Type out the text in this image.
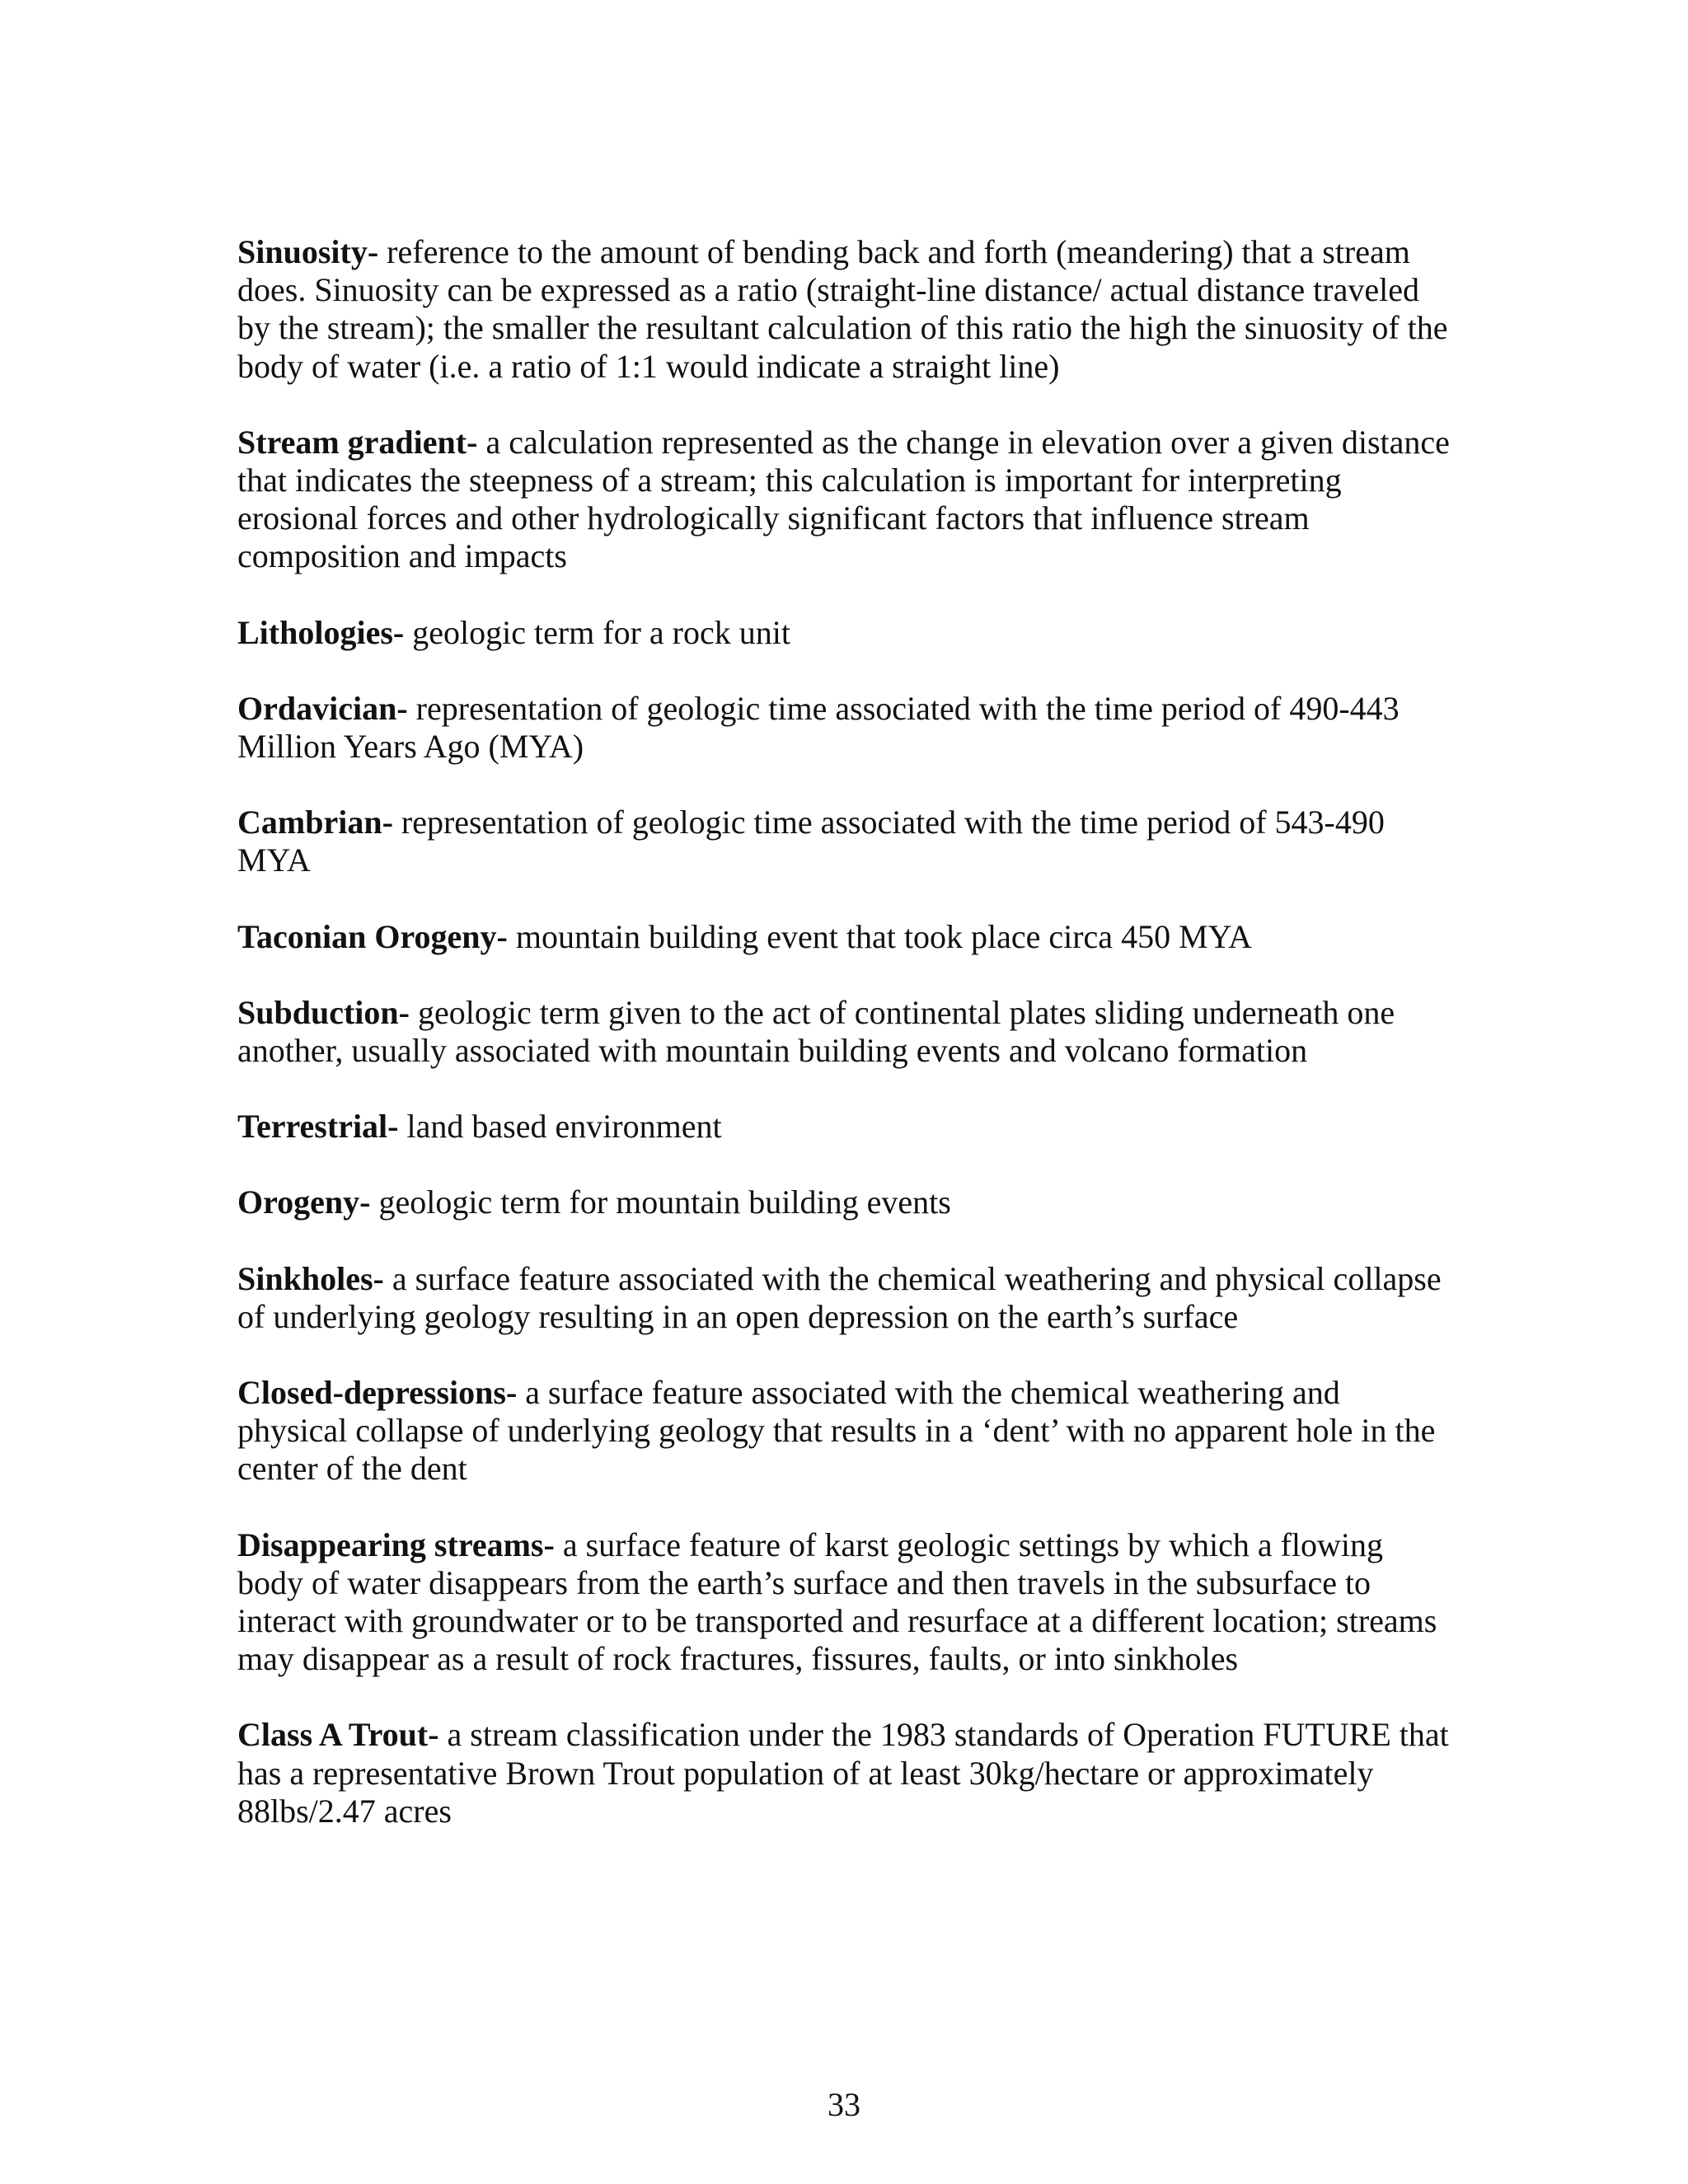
Sinuosity- reference to the amount of bending back and forth (meandering) that a stream does. Sinuosity can be expressed as a ratio (straight-line distance/ actual distance traveled by the stream); the smaller the resultant calculation of this ratio the high the sinuosity of the body of water (i.e. a ratio of 1:1 would indicate a straight line)

Stream gradient- a calculation represented as the change in elevation over a given distance that indicates the steepness of a stream; this calculation is important for interpreting erosional forces and other hydrologically significant factors that influence stream composition and impacts

Lithologies- geologic term for a rock unit

Ordavician- representation of geologic time associated with the time period of 490-443 Million Years Ago (MYA)

Cambrian- representation of geologic time associated with the time period of 543-490 MYA

Taconian Orogeny- mountain building event that took place circa 450 MYA

Subduction- geologic term given to the act of continental plates sliding underneath one another, usually associated with mountain building events and volcano formation

Terrestrial- land based environment

Orogeny- geologic term for mountain building events

Sinkholes- a surface feature associated with the chemical weathering and physical collapse of underlying geology resulting in an open depression on the earth’s surface

Closed-depressions- a surface feature associated with the chemical weathering and physical collapse of underlying geology that results in a ‘dent’ with no apparent hole in the center of the dent

Disappearing streams- a surface feature of karst geologic settings by which a flowing body of water disappears from the earth’s surface and then travels in the subsurface to interact with groundwater or to be transported and resurface at a different location; streams may disappear as a result of rock fractures, fissures, faults, or into sinkholes

Class A Trout- a stream classification under the 1983 standards of Operation FUTURE that has a representative Brown Trout population of at least 30kg/hectare or approximately 88lbs/2.47 acres

33
